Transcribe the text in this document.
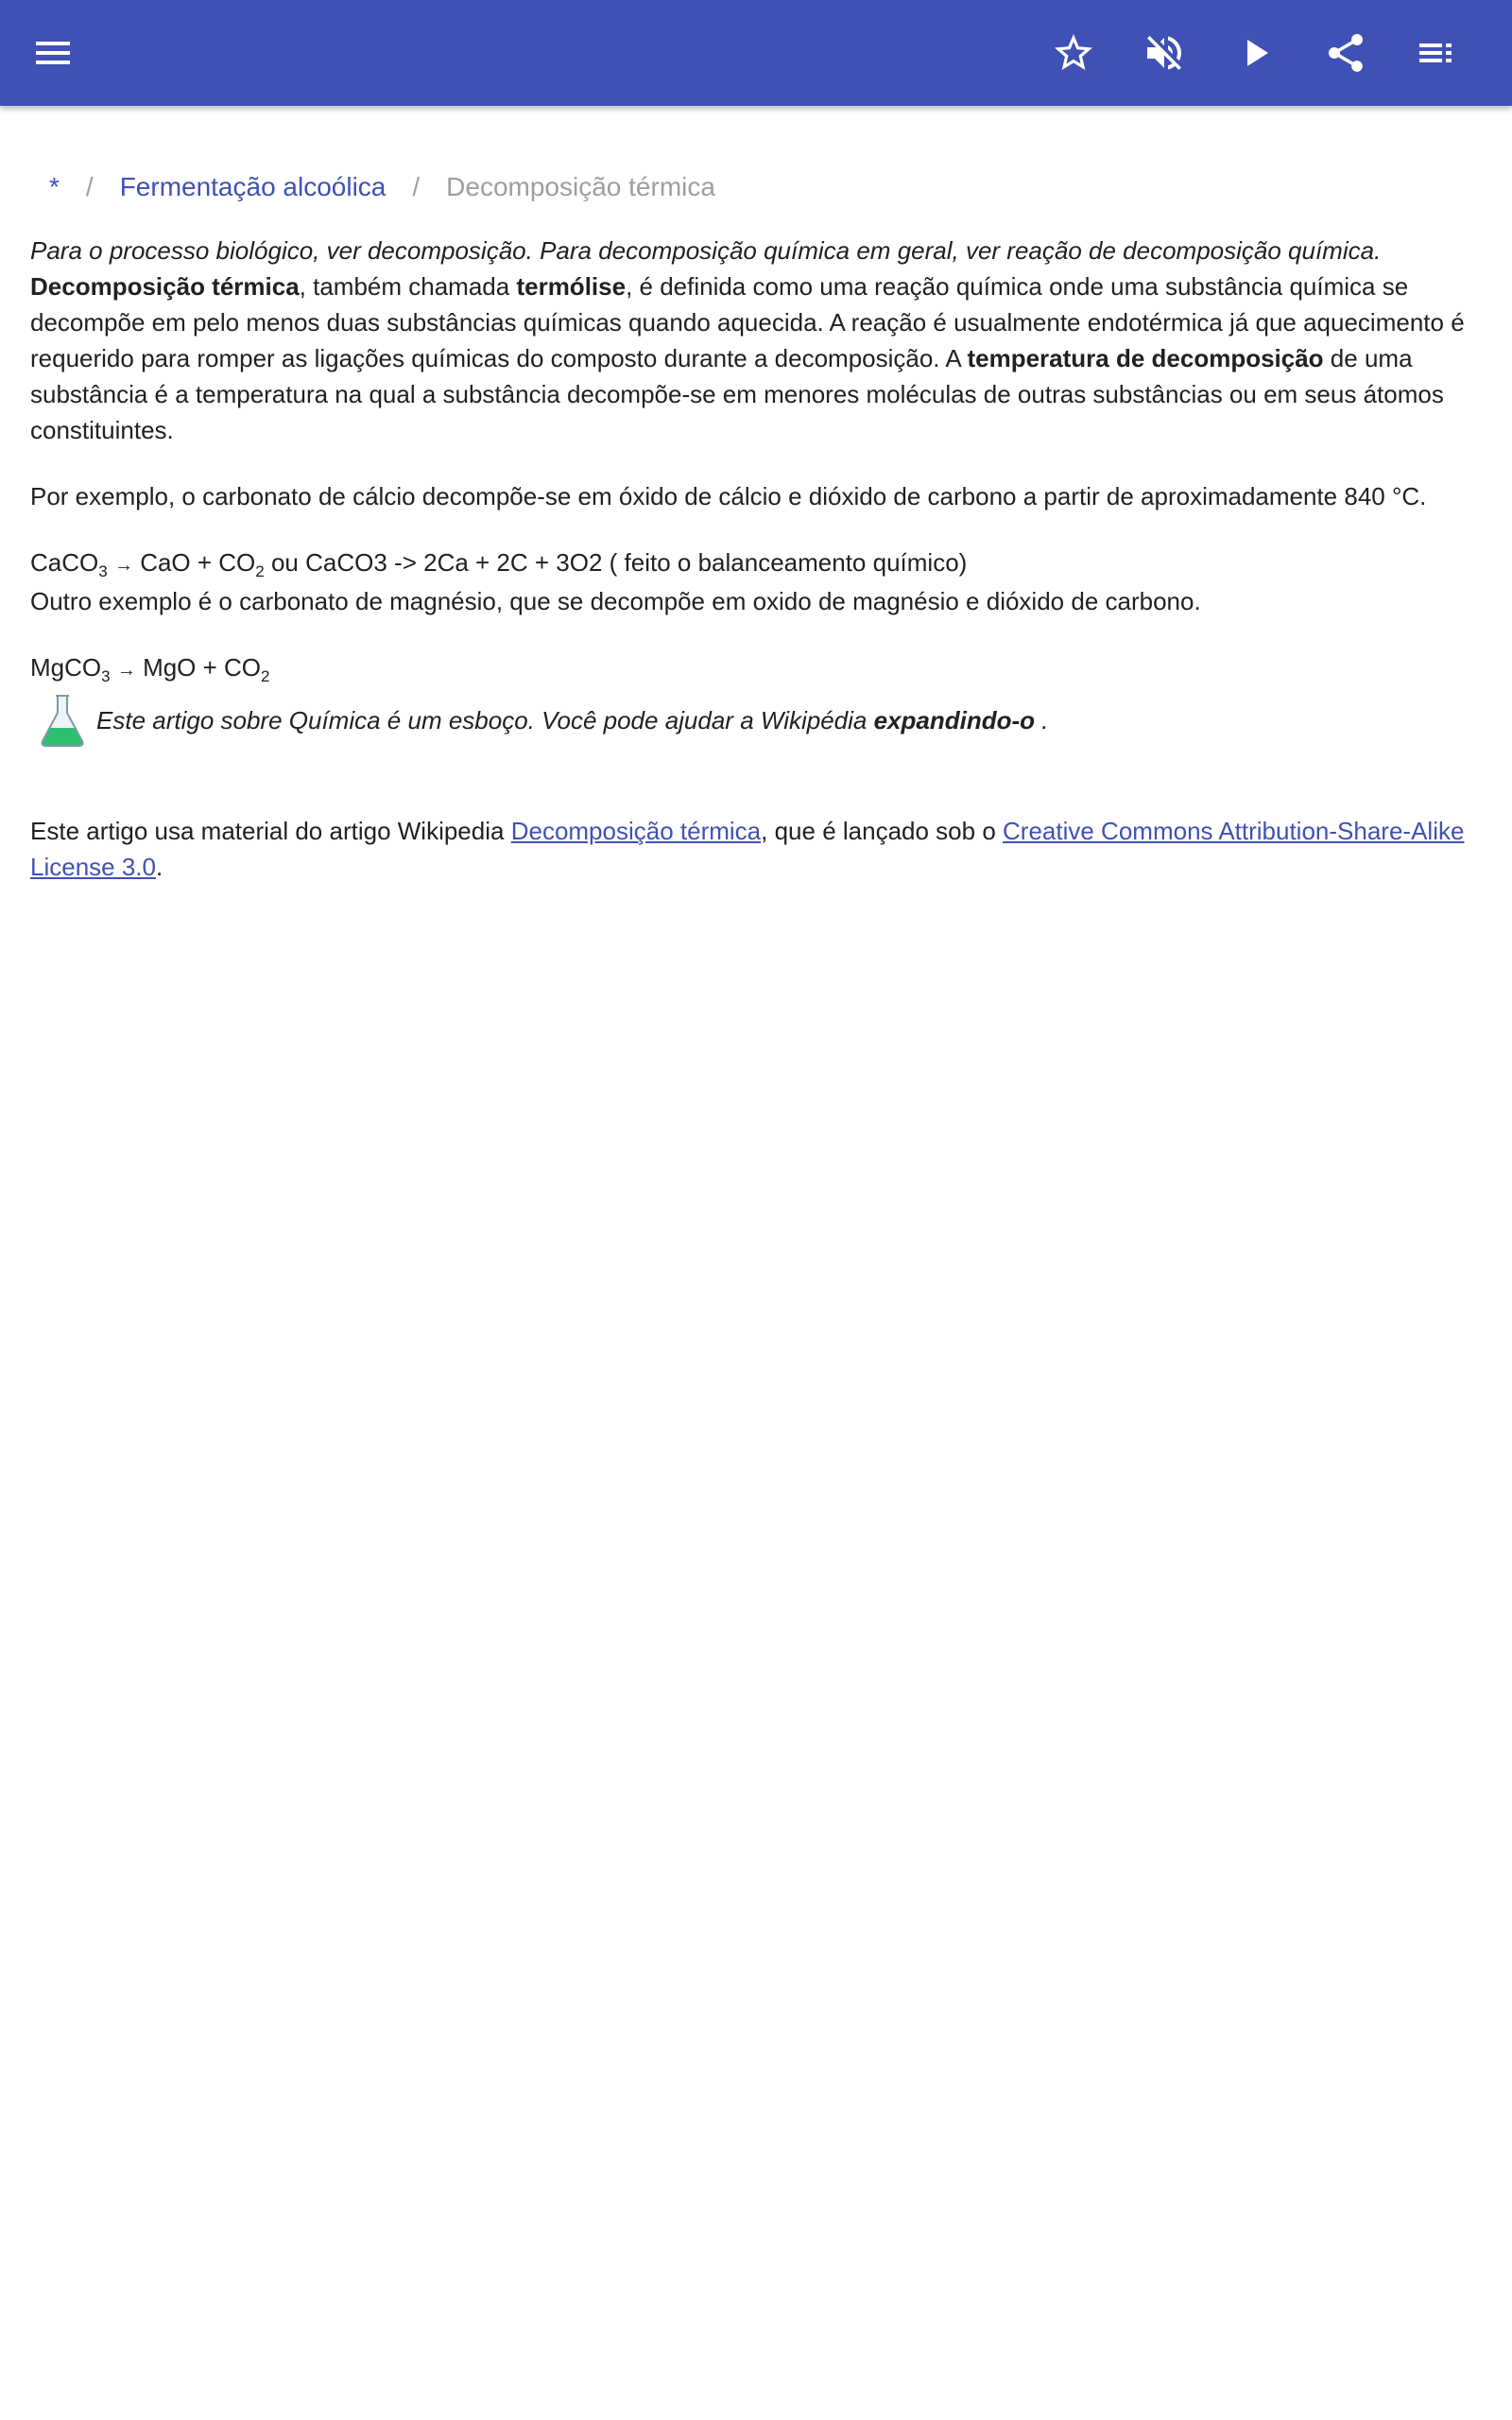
* / Fermentação alcoólica / Decomposição térmica

Para o processo biológico, ver decomposição. Para decomposição química em geral, ver reação de decomposição química.

Decomposição térmica, também chamada termólise, é definida como uma reação química onde uma substância química se decompõe em pelo menos duas substâncias químicas quando aquecida. A reação é usualmente endotérmica já que aquecimento é requerido para romper as ligações químicas do composto durante a decomposição. A temperatura de decomposição de uma substância é a temperatura na qual a substância decompõe-se em menores moléculas de outras substâncias ou em seus átomos constituintes.

Por exemplo, o carbonato de cálcio decompõe-se em óxido de cálcio e dióxido de carbono a partir de aproximadamente 840 °C.

CaCO$_3$ → CaO + $CO_2$ ou CaCO3 -> 2Ca + 2C + 3O2 ( feito o balanceamento químico)

Outro exemplo é o carbonato de magnésio, que se decompõe em oxido de magnésio e dióxido de carbono.

MgCO$_3$ → MgO + $CO_2$

Este artigo sobre Química é um esboço. Você pode ajudar a Wikipédia expandindo-o .

Este artigo usa material do artigo Wikipedia Decomposição térmica, que é lançado sob o Creative Commons Attribution-Share-Alike License 3.0.
